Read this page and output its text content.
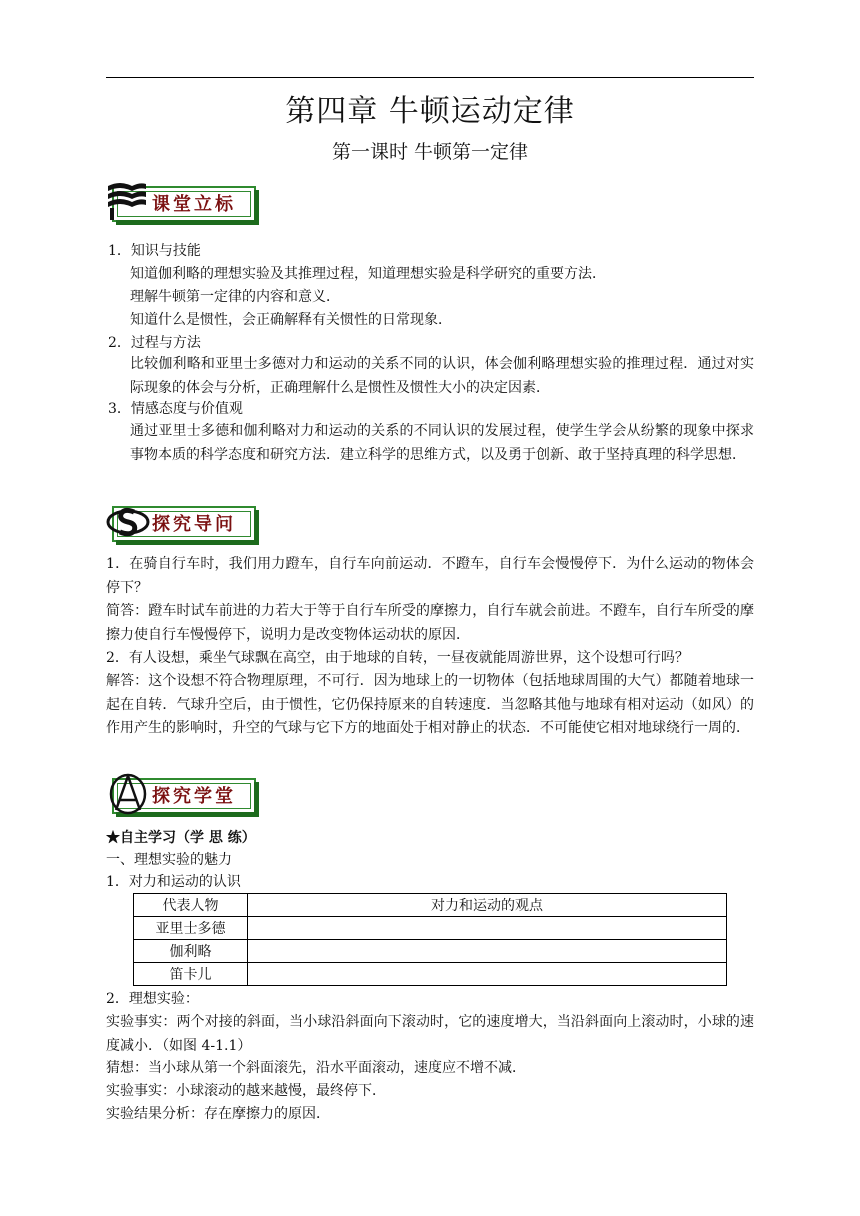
第四章 牛顿运动定律
第一课时 牛顿第一定律
课堂立标
1．知识与技能
知道伽利略的理想实验及其推理过程，知道理想实验是科学研究的重要方法．
理解牛顿第一定律的内容和意义．
知道什么是惯性，会正确解释有关惯性的日常现象．
2．过程与方法
比较伽利略和亚里士多德对力和运动的关系不同的认识，体会伽利略理想实验的推理过程．通过对实际现象的体会与分析，正确理解什么是惯性及惯性大小的决定因素．
3．情感态度与价值观
通过亚里士多德和伽利略对力和运动的关系的不同认识的发展过程，使学生学会从纷繁的现象中探求事物本质的科学态度和研究方法．建立科学的思维方式，以及勇于创新、敢于坚持真理的科学思想．
探究导问
1．在骑自行车时，我们用力蹬车，自行车向前运动．不蹬车，自行车会慢慢停下．为什么运动的物体会停下？
简答：蹬车时试车前进的力若大于等于自行车所受的摩擦力，自行车就会前进。不蹬车，自行车所受的摩擦力使自行车慢慢停下，说明力是改变物体运动状的原因．
2．有人设想，乘坐气球飘在高空，由于地球的自转，一昼夜就能周游世界，这个设想可行吗？
解答：这个设想不符合物理原理，不可行．因为地球上的一切物体（包括地球周围的大气）都随着地球一起在自转．气球升空后，由于惯性，它仍保持原来的自转速度．当忽略其他与地球有相对运动（如风）的作用产生的影响时，升空的气球与它下方的地面处于相对静止的状态．不可能使它相对地球绕行一周的．
探究学堂
★自主学习（学 思 练）
一、理想实验的魅力
1．对力和运动的认识
代表人物	对力和运动的观点
亚里士多德	
伽利略	
笛卡儿	
2．理想实验：
实验事实：两个对接的斜面，当小球沿斜面向下滚动时，它的速度增大，当沿斜面向上滚动时，小球的速度减小．（如图 4-1.1）
猜想：当小球从第一个斜面滚先，沿水平面滚动，速度应不增不减．
实验事实：小球滚动的越来越慢，最终停下．
实验结果分析：存在摩擦力的原因．
